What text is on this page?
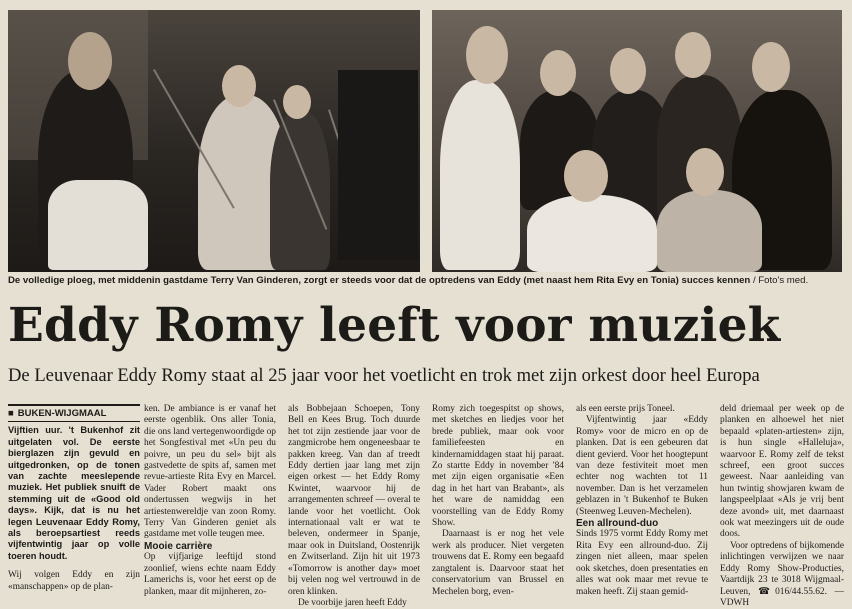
De volledige ploeg, met middenin gastdame Terry Van Ginderen, zorgt er steeds voor dat de optredens van Eddy (met naast hem Rita Evy en Tonia) succes kennen / Foto's med.
Eddy Romy leeft voor muziek
De Leuvenaar Eddy Romy staat al 25 jaar voor het voetlicht en trok met zijn orkest door heel Europa
■ BUKEN-WIJGMAAL

Vijftien uur. 't Bukenhof zit uitgelaten vol. De eerste bierglazen zijn gevuld en uitgedronken, op de tonen van zachte meeslepende muziek. Het publiek snuift de stemming uit de «Good old days». Kijk, dat is nu het legen Leuvenaar Eddy Romy, als beroepsartiest reeds vijfentwintig jaar op volle toeren houdt.

Wij volgen Eddy en zijn «manschappen» op de plan-

ken. De ambiance is er vanaf het eerste ogenblik. Ons aller Tonia, die ons land vertegenwoordigde op het Songfestival met «Un peu du poivre, un peu du sel» bijt als gastvedette de spits af, samen met revue-artieste Rita Evy en Marcel. Vader Robert maakt ons ondertussen wegwijs in het artiestenwereldje van zoon Romy. Terry Van Ginderen geniet als gastdame met volle teugen mee.

Mooie carrière

Op vijfjarige leeftijd stond zoonlief, wiens echte naam Eddy Lamerichs is, voor het eerst op de planken, maar dit mijnheren, zo-

als Bobbejaan Schoepen, Tony Bell en Kees Brug. Toch duurde het tot zijn zestiende jaar voor de zangmicrobe hem ongeneesbaar te pakken kreeg. Van dan af treedt Eddy dertien jaar lang met zijn eigen orkest — het Eddy Romy Kwintet, waarvoor hij de arrangementen schreef — overal te lande voor het voetlicht. Ook internationaal valt er wat te beleven, ondermeer in Spanje, maar ook in Duitsland, Oostenrijk en Zwitserland. Zijn hit uit 1973 «Tomorrow is another day» moet bij velen nog wel vertrouwd in de oren klinken.

De voorbije jaren heeft Eddy

Romy zich toegespitst op shows, met sketches en liedjes voor het brede publiek, maar ook voor familiefeesten en kindernamiddagen staat hij paraat. Zo startte Eddy in november '84 met zijn eigen organisatie «Een dag in het hart van Brabant», als het ware de namiddag een voorstelling van de Eddy Romy Show.

Daarnaast is er nog het vele werk als producer. Niet vergeten trouwens dat E. Romy een begaafd zangtalent is. Daarvoor staat het conservatorium van Brussel en Mechelen borg, even-

als een eerste prijs Toneel.

Vijfentwintig jaar «Eddy Romy» voor de micro en op de planken. Dat is een gebeuren dat dient gevierd. Voor het hoogtepunt van deze festiviteit moet men echter nog wachten tot 11 november. Dan is het verzamelen geblazen in 't Bukenhof te Buken (Steenweg Leuven-Mechelen).

Een allround-duo

Sinds 1975 vormt Eddy Romy met Rita Evy een allround-duo. Zij zingen niet alleen, maar spelen ook sketches, doen presentaties en alles wat ook maar met revue te maken heeft. Zij staan gemid-

deld driemaal per week op de planken en alhoewel het niet bepaald «platen-artiesten» zijn, is hun single «Halleluja», waarvoor E. Romy zelf de tekst schreef, een groot succes geweest. Naar aanleiding van hun twintig showjaren kwam de langspeelplaat «Als je vrij bent deze avond» uit, met daarnaast ook wat meezingers uit de oude doos.

Voor optredens of bijkomende inlichtingen verwijzen we naar Eddy Romy Show-Producties, Vaartdijk 23 te 3018 Wijgmaal-Leuven, ☎016/44.55.62. — VDWH
